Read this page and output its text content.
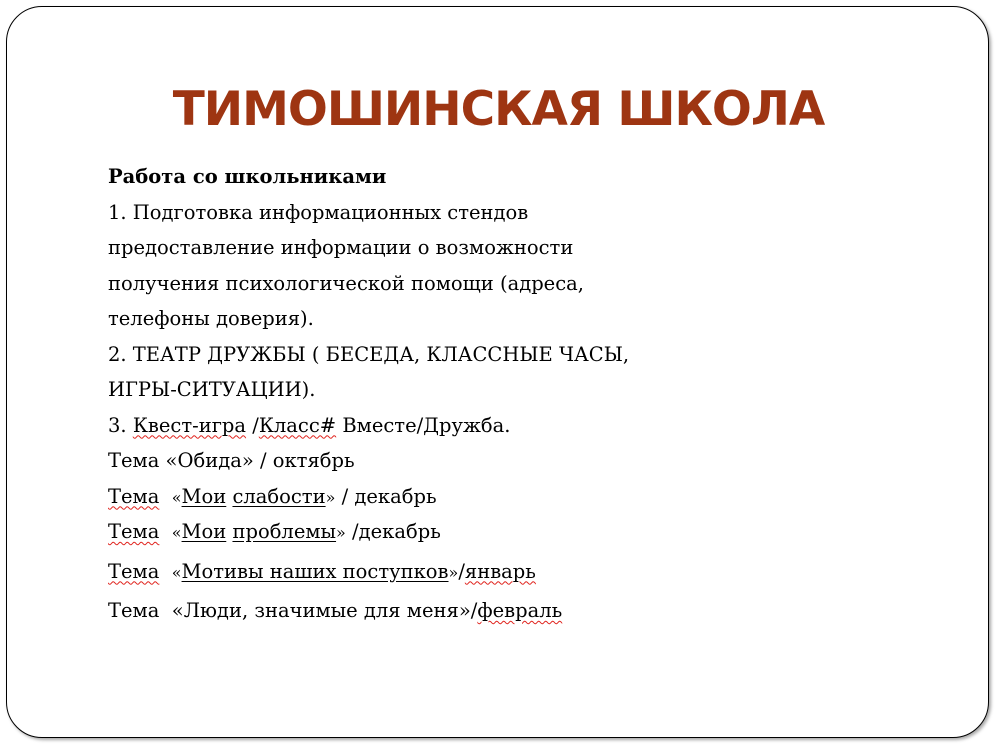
ТИМОШИНСКАЯ ШКОЛА
Работа со школьниками
1. Подготовка информационных стендов
предоставление информации о возможности
получения психологической помощи (адреса,
телефоны доверия).
2. ТЕАТР ДРУЖБЫ ( БЕСЕДА, КЛАССНЫЕ ЧАСЫ,
ИГРЫ-СИТУАЦИИ).
3. Квест-игра /Класс# Вместе/Дружба.
Тема «Обида» / октябрь
Тема «Мои слабости» / декабрь
Тема «Мои проблемы» /декабрь
Тема «Мотивы наших поступков»/январь
Тема «Люди, значимые для меня»/февраль
